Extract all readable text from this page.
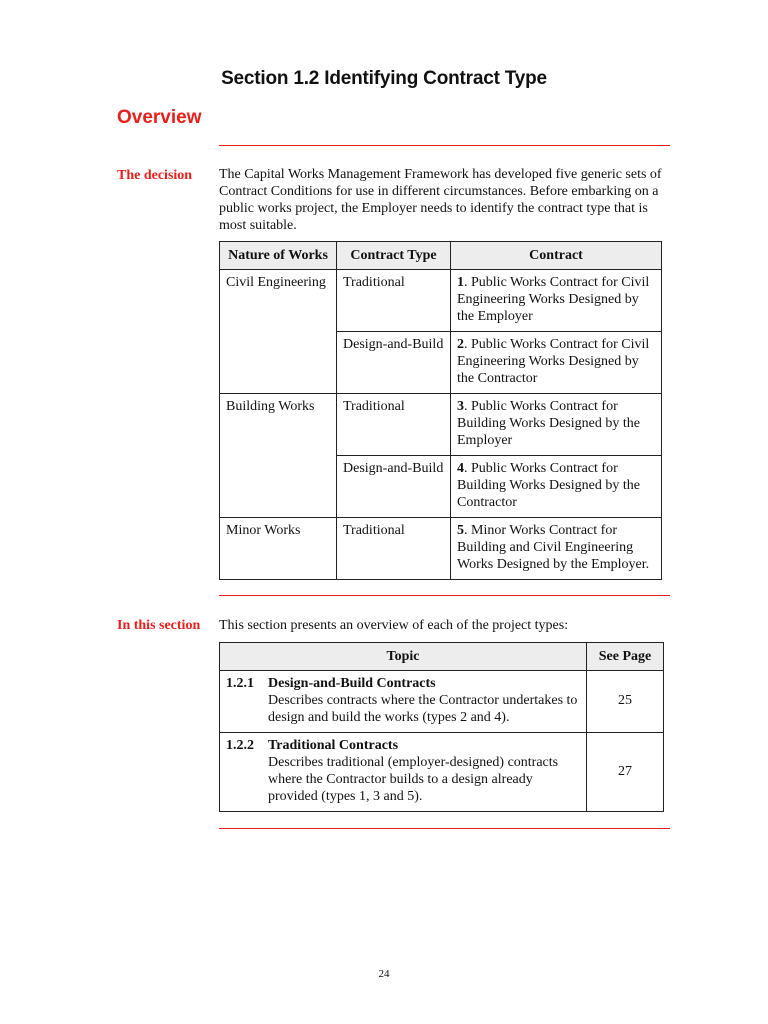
Section 1.2 Identifying Contract Type
Overview
The decision The Capital Works Management Framework has developed five generic sets of Contract Conditions for use in different circumstances. Before embarking on a public works project, the Employer needs to identify the contract type that is most suitable.
Nature of Works	Contract Type	Contract
Civil Engineering	Traditional	1. Public Works Contract for Civil Engineering Works Designed by the Employer
	Design-and-Build	2. Public Works Contract for Civil Engineering Works Designed by the Contractor
Building Works	Traditional	3. Public Works Contract for Building Works Designed by the Employer
	Design-and-Build	4. Public Works Contract for Building Works Designed by the Contractor
Minor Works	Traditional	5. Minor Works Contract for Building and Civil Engineering Works Designed by the Employer.
In this section This section presents an overview of each of the project types:
Topic	See Page

1.2.1 Design-and-Build Contracts
Describes contracts where the Contractor undertakes to design and build the works (types 2 and 4).	25

1.2.2 Traditional Contracts
Describes traditional (employer-designed) contracts where the Contractor builds to a design already provided (types 1, 3 and 5).	27
24
